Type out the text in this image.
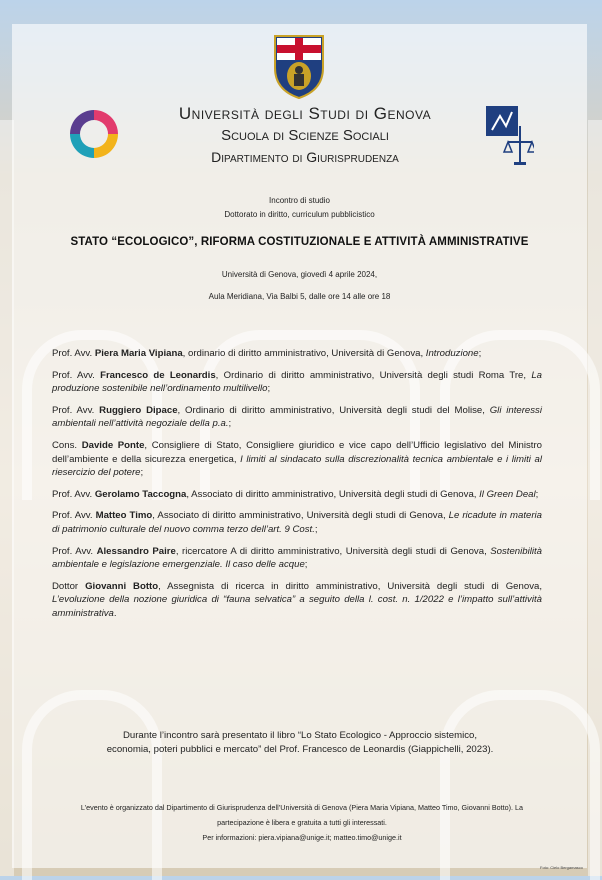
Università degli Studi di Genova
Scuola di Scienze Sociali
Dipartimento di Giurisprudenza
Incontro di studio
Dottorato in diritto, curriculum pubblicistico
STATO “ECOLOGICO”, RIFORMA COSTITUZIONALE E ATTIVITÀ AMMINISTRATIVE
Università di Genova, giovedì 4 aprile 2024,
Aula Meridiana, Via Balbi 5, dalle ore 14 alle ore 18

Prof. Avv. Piera Maria Vipiana, ordinario di diritto amministrativo, Università di Genova, Introduzione;

Prof. Avv. Francesco de Leonardis, Ordinario di diritto amministrativo, Università degli studi Roma Tre, La produzione sostenibile nell’ordinamento multilivello;

Prof. Avv. Ruggiero Dipace, Ordinario di diritto amministrativo, Università degli studi del Molise, Gli interessi ambientali nell’attività negoziale della p.a.;

Cons. Davide Ponte, Consigliere di Stato, Consigliere giuridico e vice capo dell’Ufficio legislativo del Ministro dell’ambiente e della sicurezza energetica, I limiti al sindacato sulla discrezionalità tecnica ambientale e i limiti al riesercizio del potere;

Prof. Avv. Gerolamo Taccogna, Associato di diritto amministrativo, Università degli studi di Genova, Il Green Deal;

Prof. Avv. Matteo Timo, Associato di diritto amministrativo, Università degli studi di Genova, Le ricadute in materia di patrimonio culturale del nuovo comma terzo dell’art. 9 Cost.;

Prof. Avv. Alessandro Paire, ricercatore A di diritto amministrativo, Università degli studi di Genova, Sostenibilità ambientale e legislazione emergenziale. Il caso delle acque;

Dottor Giovanni Botto, Assegnista di ricerca in diritto amministrativo, Università degli studi di Genova, L’evoluzione della nozione giuridica di “fauna selvatica” a seguito della l. cost. n. 1/2022 e l’impatto sull’attività amministrativa.

Durante l’incontro sarà presentato il libro “Lo Stato Ecologico - Approccio sistemico,
economia, poteri pubblici e mercato” del Prof. Francesco de Leonardis (Giappichelli, 2023).
L’evento è organizzato dal Dipartimento di Giurisprudenza dell’Università di Genova (Piera Maria Vipiana, Matteo Timo, Giovanni Botto). La
partecipazione è libera e gratuita a tutti gli interessati.
Per informazioni: piera.vipiana@unige.it; matteo.timo@unige.it
Foto: Cielo Bergamasco
